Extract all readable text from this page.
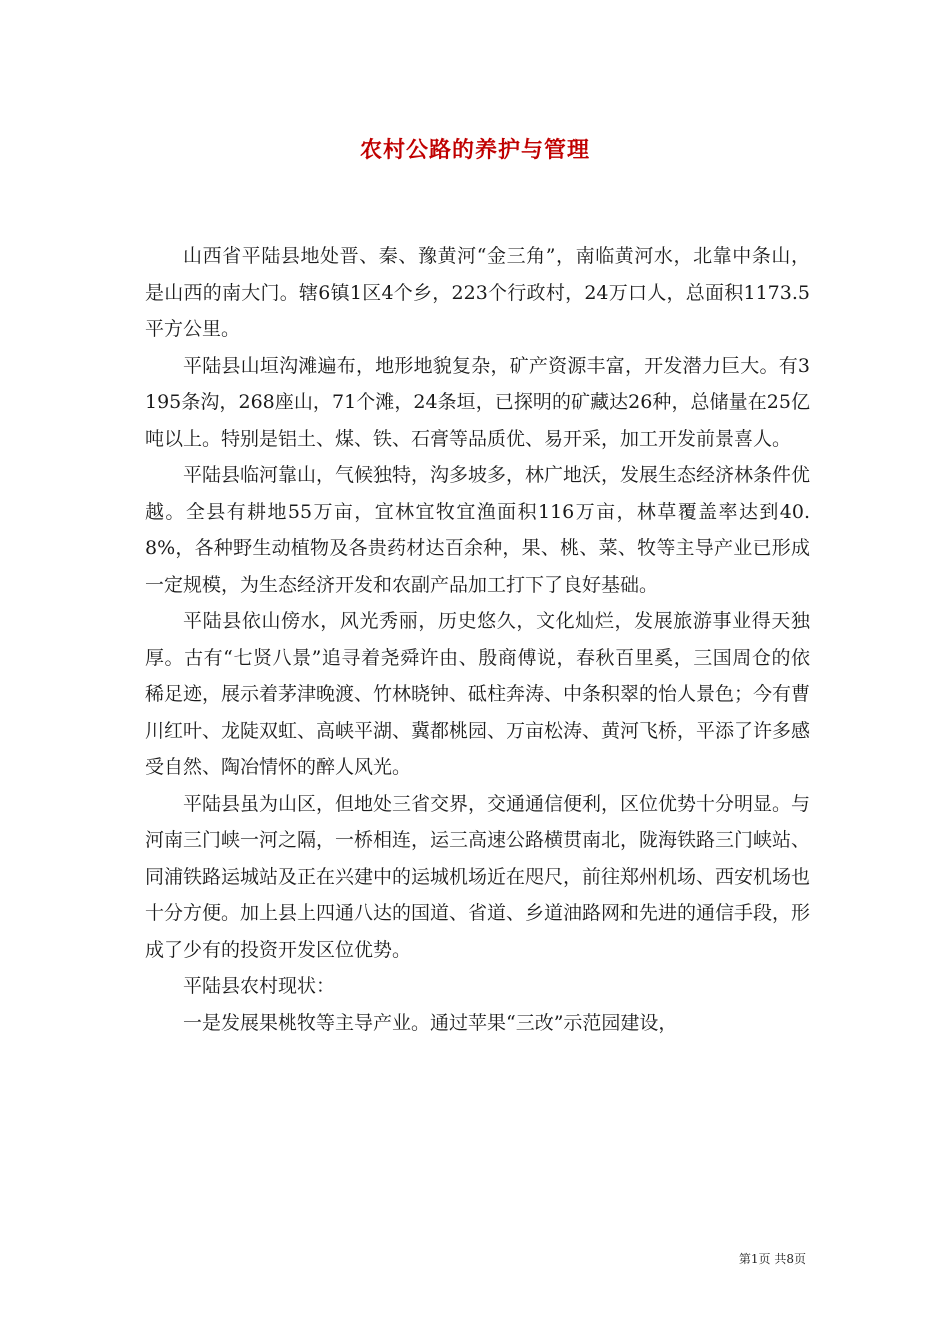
农村公路的养护与管理

山西省平陆县地处晋、秦、豫黄河“金三角”，南临黄河水，北靠中条山，是山西的南大门。辖6镇1区4个乡，223个行政村，24万口人，总面积1173.5平方公里。

平陆县山垣沟滩遍布，地形地貌复杂，矿产资源丰富，开发潜力巨大。有3195条沟，268座山，71个滩，24条垣，已探明的矿藏达26种，总储量在25亿吨以上。特别是铝土、煤、铁、石膏等品质优、易开采，加工开发前景喜人。

平陆县临河靠山，气候独特，沟多坡多，林广地沃，发展生态经济林条件优越。全县有耕地55万亩，宜林宜牧宜渔面积116万亩，林草覆盖率达到40.8%，各种野生动植物及各贵药材达百余种，果、桃、菜、牧等主导产业已形成一定规模，为生态经济开发和农副产品加工打下了良好基础。

平陆县依山傍水，风光秀丽，历史悠久，文化灿烂，发展旅游事业得天独厚。古有“七贤八景”追寻着尧舜许由、殷商傅说，春秋百里奚，三国周仓的依稀足迹，展示着茅津晚渡、竹林晓钟、砥柱奔涛、中条积翠的怡人景色；今有曹川红叶、龙陡双虹、高峡平湖、冀都桃园、万亩松涛、黄河飞桥，平添了许多感受自然、陶冶情怀的醉人风光。

平陆县虽为山区，但地处三省交界，交通通信便利，区位优势十分明显。与河南三门峡一河之隔，一桥相连，运三高速公路横贯南北，陇海铁路三门峡站、同浦铁路运城站及正在兴建中的运城机场近在咫尺，前往郑州机场、西安机场也十分方便。加上县上四通八达的国道、省道、乡道油路网和先进的通信手段，形成了少有的投资开发区位优势。

平陆县农村现状：

一是发展果桃牧等主导产业。通过苹果“三改”示范园建设，

第1页 共8页
